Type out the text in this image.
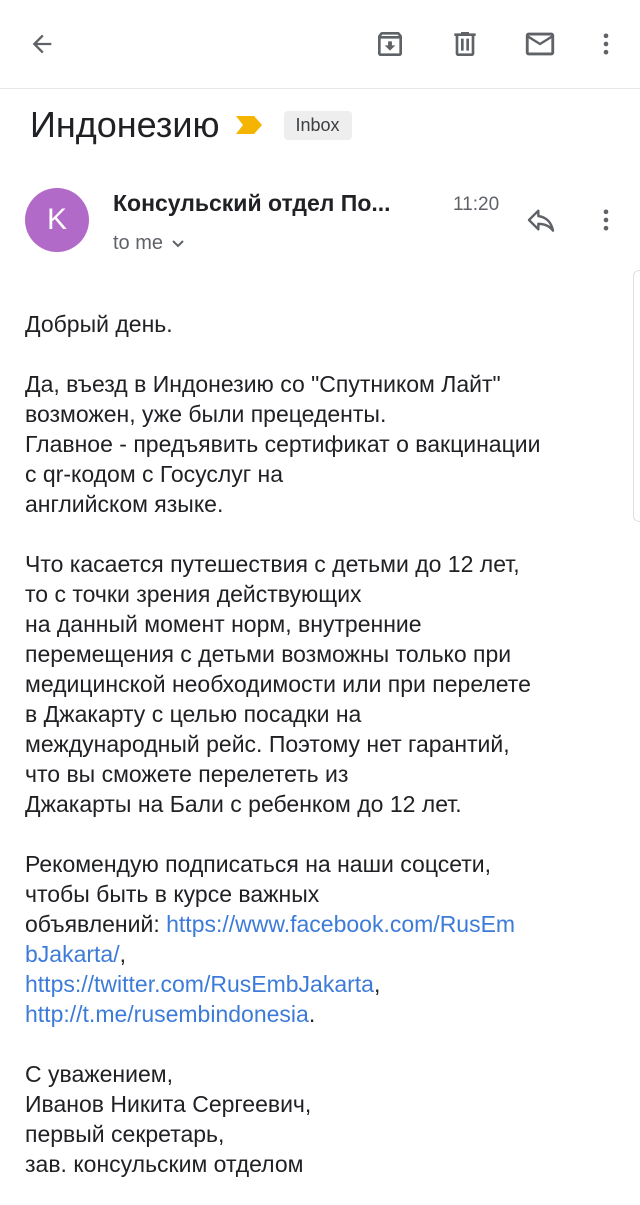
Индонезию	Inbox
K	Консульский отдел По...	11:20
to me

Добрый день.

Да, въезд в Индонезию со "Спутником Лайт"

возможен, уже были прецеденты.

Главное - предъявить сертификат о вакцинации

с qr-кодом с Госуслуг на

английском языке.

Что касается путешествия с детьми до 12 лет,

то с точки зрения действующих

на данный момент норм, внутренние

перемещения с детьми возможны только при

медицинской необходимости или при перелете

в Джакарту с целью посадки на

международный рейс. Поэтому нет гарантий,

что вы сможете перелететь из

Джакарты на Бали с ребенком до 12 лет.

Рекомендую подписаться на наши соцсети,

чтобы быть в курсе важных

объявлений: https://www.facebook.com/RusEm

bJakarta/,

https://twitter.com/RusEmbJakarta,

http://t.me/rusembindonesia.

С уважением,

Иванов Никита Сергеевич,

первый секретарь,

зав. консульским отделом
